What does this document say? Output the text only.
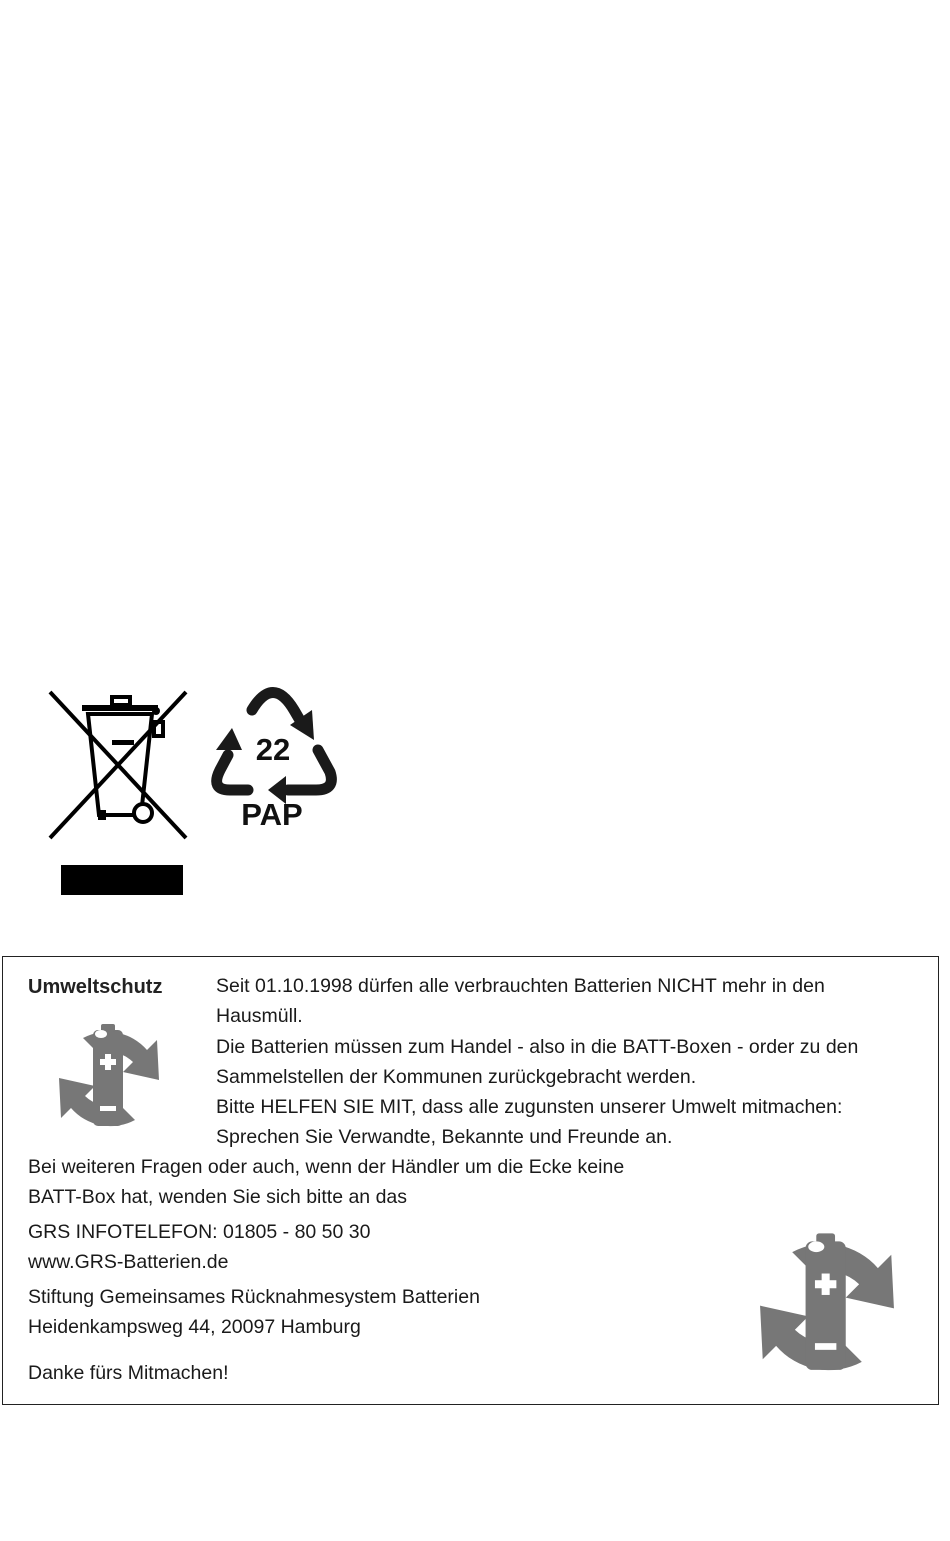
22
PAP
Umweltschutz	Seit 01.10.1998 dürfen alle verbrauchten Batterien NICHT mehr in den
Hausmüll.
Die Batterien müssen zum Handel - also in die BATT-Boxen - order zu den
Sammelstellen der Kommunen zurückgebracht werden.
Bitte HELFEN SIE MIT, dass alle zugunsten unserer Umwelt mitmachen:
Sprechen Sie Verwandte, Bekannte und Freunde an.
Bei weiteren Fragen oder auch, wenn der Händler um die Ecke keine
BATT-Box hat, wenden Sie sich bitte an das
GRS INFOTELEFON: 01805 - 80 50 30
www.GRS-Batterien.de
Stiftung Gemeinsames Rücknahmesystem Batterien
Heidenkampsweg 44, 20097 Hamburg
Danke fürs Mitmachen!
